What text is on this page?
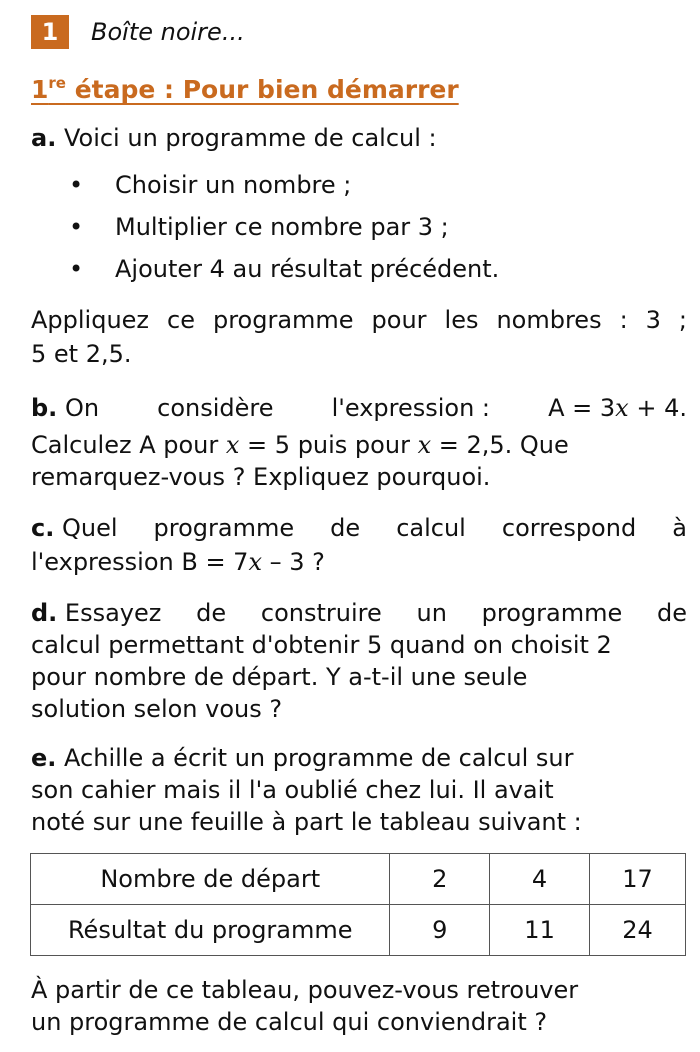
1	Boîte noire...
1re étape : Pour bien démarrer
a. Voici un programme de calcul :
• Choisir un nombre ;
• Multiplier ce nombre par 3 ;
• Ajouter 4 au résultat précédent.
Appliquez ce programme pour les nombres : 3 ;
5 et 2,5.
b. On considère l'expression : A = 3x + 4.
Calculez A pour x = 5 puis pour x = 2,5. Que
remarquez-vous ? Expliquez pourquoi.
c. Quel programme de calcul correspond à
l'expression B = 7x – 3 ?
d. Essayez de construire un programme de
calcul permettant d'obtenir 5 quand on choisit 2
pour nombre de départ. Y a-t-il une seule
solution selon vous ?
e. Achille a écrit un programme de calcul sur
son cahier mais il l'a oublié chez lui. Il avait
noté sur une feuille à part le tableau suivant :
Nombre de départ	2	4	17
Résultat du programme	9	11	24
À partir de ce tableau, pouvez-vous retrouver
un programme de calcul qui conviendrait ?
